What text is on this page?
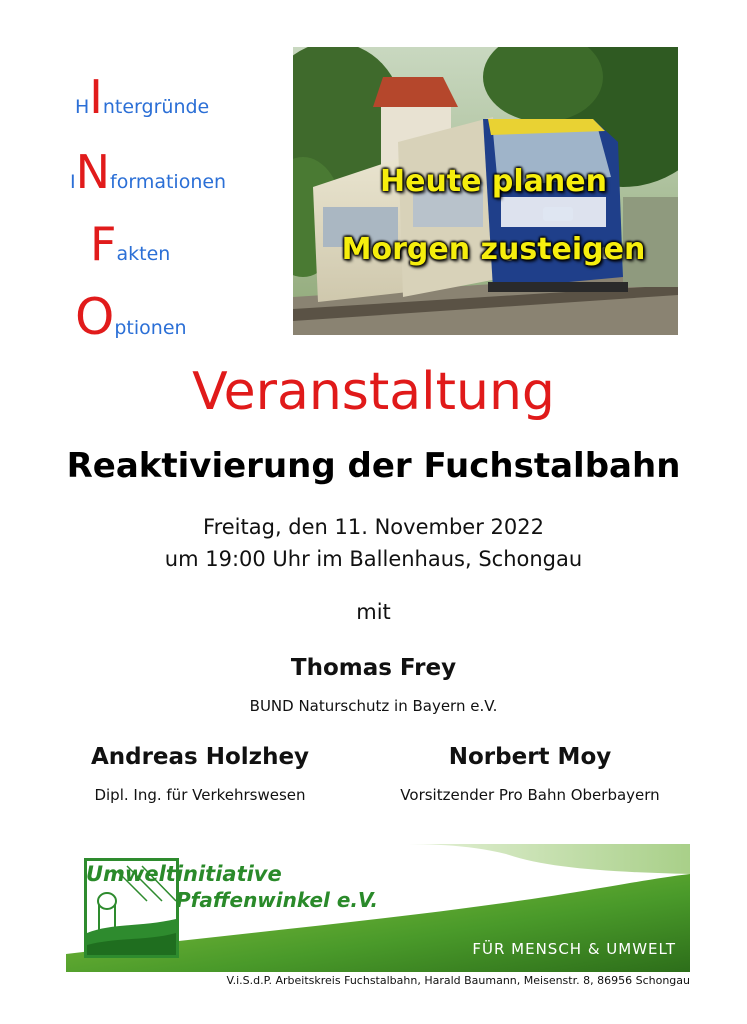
HIntergründe
INformationen
Fakten
Optionen
Heute planen
Morgen zusteigen
Veranstaltung
Reaktivierung der Fuchstalbahn
Freitag, den 11. November 2022
um 19:00 Uhr im Ballenhaus, Schongau
mit
Thomas Frey
BUND Naturschutz in Bayern e.V.
Andreas Holzhey
Dipl. Ing. für Verkehrswesen
Norbert Moy
Vorsitzender Pro Bahn Oberbayern
Umweltinitiative
Pfaffenwinkel e.V.
FÜR MENSCH & UMWELT
V.i.S.d.P. Arbeitskreis Fuchstalbahn, Harald Baumann, Meisenstr. 8, 86956 Schongau
